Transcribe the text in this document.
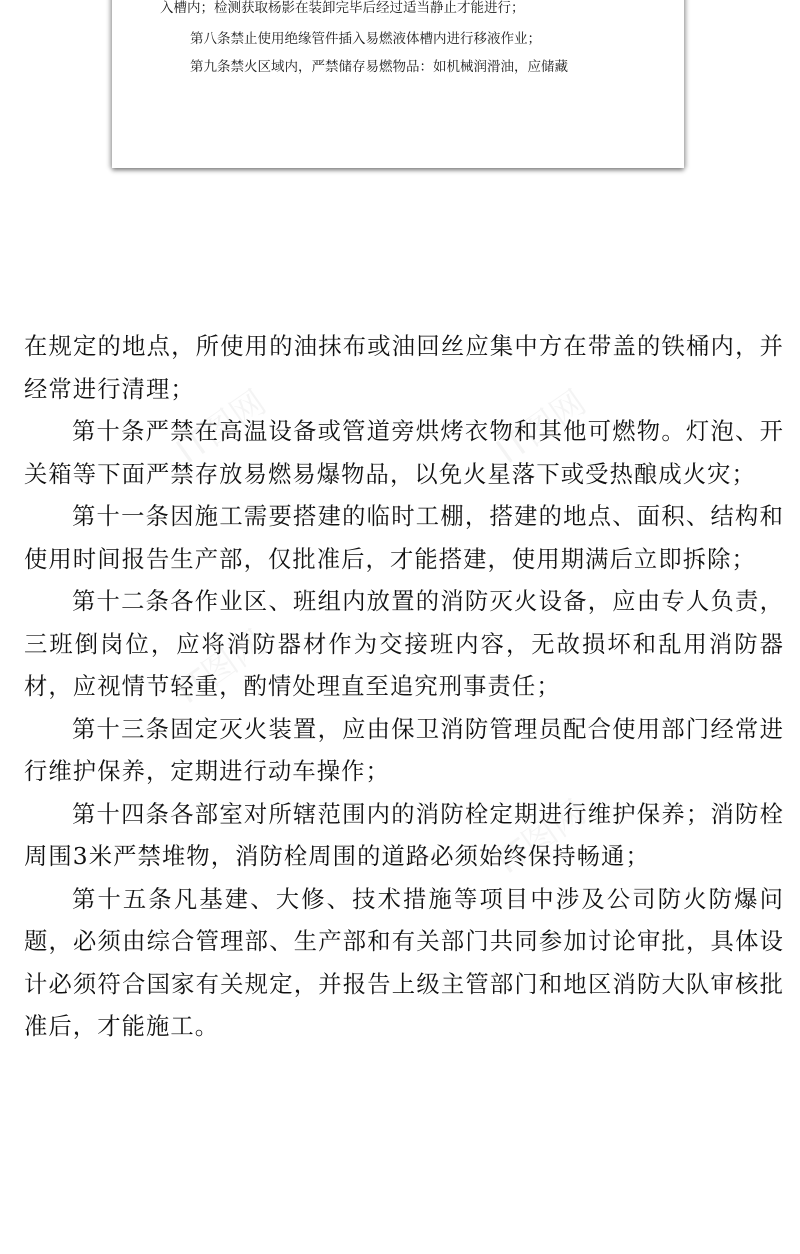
入槽内；检测获取杨影在装卸完毕后经过适当静止才能进行；
第八条禁止使用绝缘管件插入易燃液体槽内进行移液作业；
第九条禁火区域内，严禁储存易燃物品：如机械润滑油，应储藏

在规定的地点，所使用的油抹布或油回丝应集中方在带盖的铁桶内，并经常进行清理；

第十条严禁在高温设备或管道旁烘烤衣物和其他可燃物。灯泡、开关箱等下面严禁存放易燃易爆物品，以免火星落下或受热酿成火灾；

第十一条因施工需要搭建的临时工棚，搭建的地点、面积、结构和使用时间报告生产部，仅批准后，才能搭建，使用期满后立即拆除；

第十二条各作业区、班组内放置的消防灭火设备，应由专人负责，三班倒岗位，应将消防器材作为交接班内容，无故损坏和乱用消防器材，应视情节轻重，酌情处理直至追究刑事责任；

第十三条固定灭火装置，应由保卫消防管理员配合使用部门经常进行维护保养，定期进行动车操作；

第十四条各部室对所辖范围内的消防栓定期进行维护保养；消防栓周围3米严禁堆物，消防栓周围的道路必须始终保持畅通；

第十五条凡基建、大修、技术措施等项目中涉及公司防火防爆问题，必须由综合管理部、生产部和有关部门共同参加讨论审批，具体设计必须符合国家有关规定，并报告上级主管部门和地区消防大队审核批准后，才能施工。
